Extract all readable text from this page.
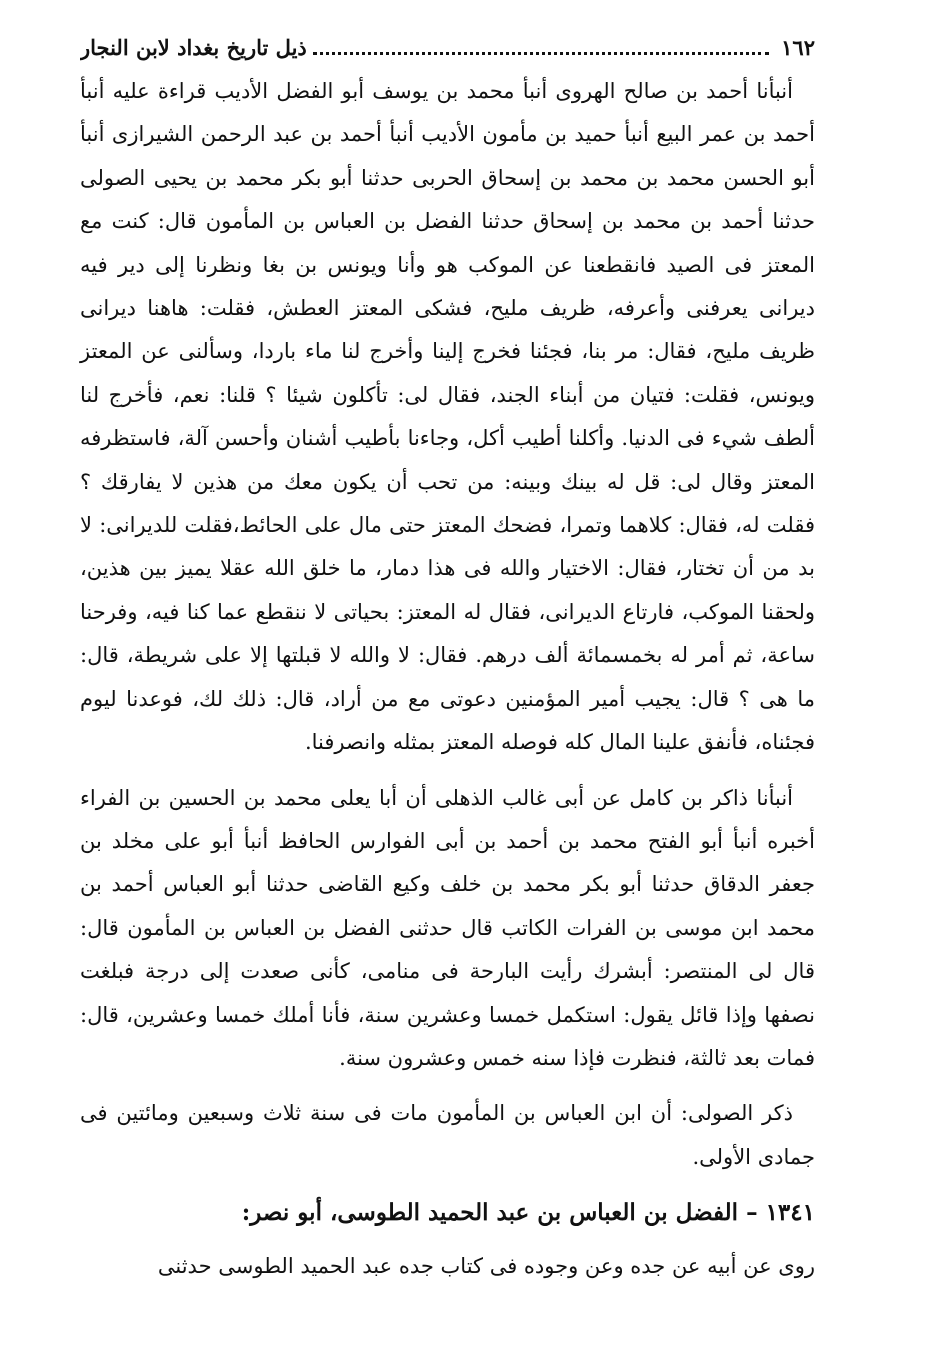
١٦٢
ذيل تاريخ بغداد لابن النجار

أنبأنا أحمد بن صالح الهروى أنبأ محمد بن يوسف أبو الفضل الأديب قراءة عليه أنبأ أحمد بن عمر البيع أنبأ حميد بن مأمون الأديب أنبأ أحمد بن عبد الرحمن الشيرازى أنبأ أبو الحسن محمد بن محمد بن إسحاق الحربى حدثنا أبو بكر محمد بن يحيى الصولى حدثنا أحمد بن محمد بن إسحاق حدثنا الفضل بن العباس بن المأمون قال: كنت مع المعتز فى الصيد فانقطعنا عن الموكب هو وأنا ويونس بن بغا ونظرنا إلى دير فيه ديرانى يعرفنى وأعرفه، ظريف مليح، فشكى المعتز العطش، فقلت: هاهنا ديرانى ظريف مليح، فقال: مر بنا، فجئنا فخرج إلينا وأخرج لنا ماء باردا، وسألنى عن المعتز ويونس، فقلت: فتيان من أبناء الجند، فقال لى: تأكلون شيئا ؟ قلنا: نعم، فأخرج لنا ألطف شيء فى الدنيا. وأكلنا أطيب أكل، وجاءنا بأطيب أشنان وأحسن آلة، فاستظرفه المعتز وقال لى: قل له بينك وبينه: من تحب أن يكون معك من هذين لا يفارقك ؟ فقلت له، فقال: كلاهما وتمرا، فضحك المعتز حتى مال على الحائط،فقلت للديرانى: لا بد من أن تختار، فقال: الاختيار والله فى هذا دمار، ما خلق الله عقلا يميز بين هذين، ولحقنا الموكب، فارتاع الديرانى، فقال له المعتز: بحياتى لا ننقطع عما كنا فيه، وفرحنا ساعة، ثم أمر له بخمسمائة ألف درهم. فقال: لا والله لا قبلتها إلا على شريطة، قال: ما هى ؟ قال: يجيب أمير المؤمنين دعوتى مع من أراد، قال: ذلك لك، فوعدنا ليوم فجئناه، فأنفق علينا المال كله فوصله المعتز بمثله وانصرفنا.

أنبأنا ذاكر بن كامل عن أبى غالب الذهلى أن أبا يعلى محمد بن الحسين بن الفراء أخبره أنبأ أبو الفتح محمد بن أحمد بن أبى الفوارس الحافظ أنبأ أبو على مخلد بن جعفر الدقاق حدثنا أبو بكر محمد بن خلف وكيع القاضى حدثنا أبو العباس أحمد بن محمد ابن موسى بن الفرات الكاتب قال حدثنى الفضل بن العباس بن المأمون قال: قال لى المنتصر: أبشرك رأيت البارحة فى منامى، كأنى صعدت إلى درجة فبلغت نصفها وإذا قائل يقول: استكمل خمسا وعشرين سنة، فأنا أملك خمسا وعشرين، قال: فمات بعد ثالثة، فنظرت فإذا سنه خمس وعشرون سنة.

ذكر الصولى: أن ابن العباس بن المأمون مات فى سنة ثلاث وسبعين ومائتين فى جمادى الأولى.

١٣٤١ – الفضل بن العباس بن عبد الحميد الطوسى، أبو نصر:

روى عن أبيه عن جده وعن وجوده فى كتاب جده عبد الحميد الطوسى حدثنى
